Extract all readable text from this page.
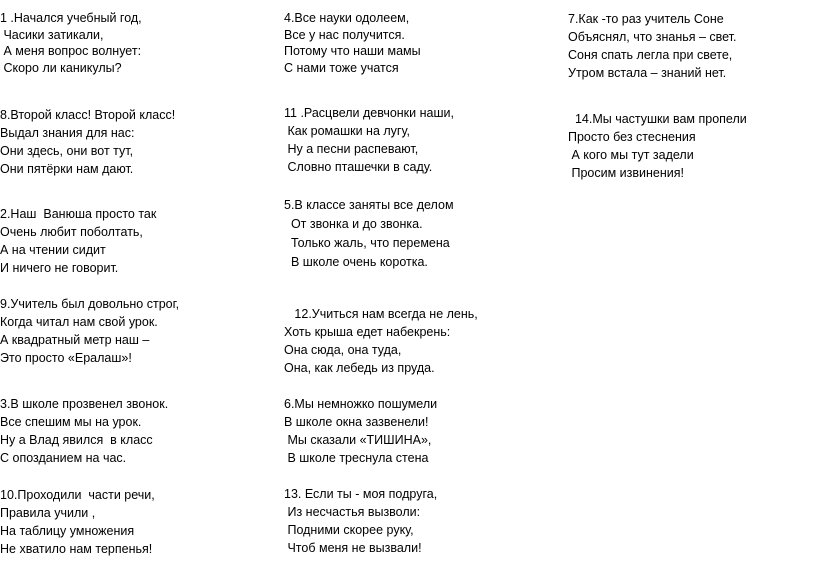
1 .Начался учебный год,
Часики затикали,
А меня вопрос волнует:
Скоро ли каникулы?
8.Второй класс! Второй класс!
Выдал знания для нас:
Они здесь, они вот тут,
Они пятёрки нам дают.
2.Наш  Ванюша просто так
Очень любит поболтать,
А на чтении сидит
И ничего не говорит.
9.Учитель был довольно строг,
Когда читал нам свой урок.
А квадратный метр наш –
Это просто «Ералаш»!
3.В школе прозвенел звонок.
Все спешим мы на урок.
Ну а Влад явился  в класс
С опозданием на час.
10.Проходили  части речи,
Правила учили ,
На таблицу умножения
Не хватило нам терпенья!
4.Все науки одолеем,
Все у нас получится.
Потому что наши мамы
С нами тоже учатся
11 .Расцвели девчонки наши,
Как ромашки на лугу,
Ну а песни распевают,
Словно пташечки в саду.
5.В классе заняты все делом
От звонка и до звонка.
Только жаль, что перемена
В школе очень коротка.
12.Учиться нам всегда не лень,
Хоть крыша едет набекрень:
Она сюда, она туда,
Она, как лебедь из пруда.
6.Мы немножко пошумели
В школе окна зазвенели!
Мы сказали «ТИШИНА»,
В школе треснула стена
13. Если ты - моя подруга,
Из несчастья вызволи:
Подними скорее руку,
Чтоб меня не вызвали!
7.Как -то раз учитель Соне
Объяснял, что знанья – свет.
Соня спать легла при свете,
Утром встала – знаний нет.
14.Мы частушки вам пропели
Просто без стеснения
А кого мы тут задели
Просим извинения!
